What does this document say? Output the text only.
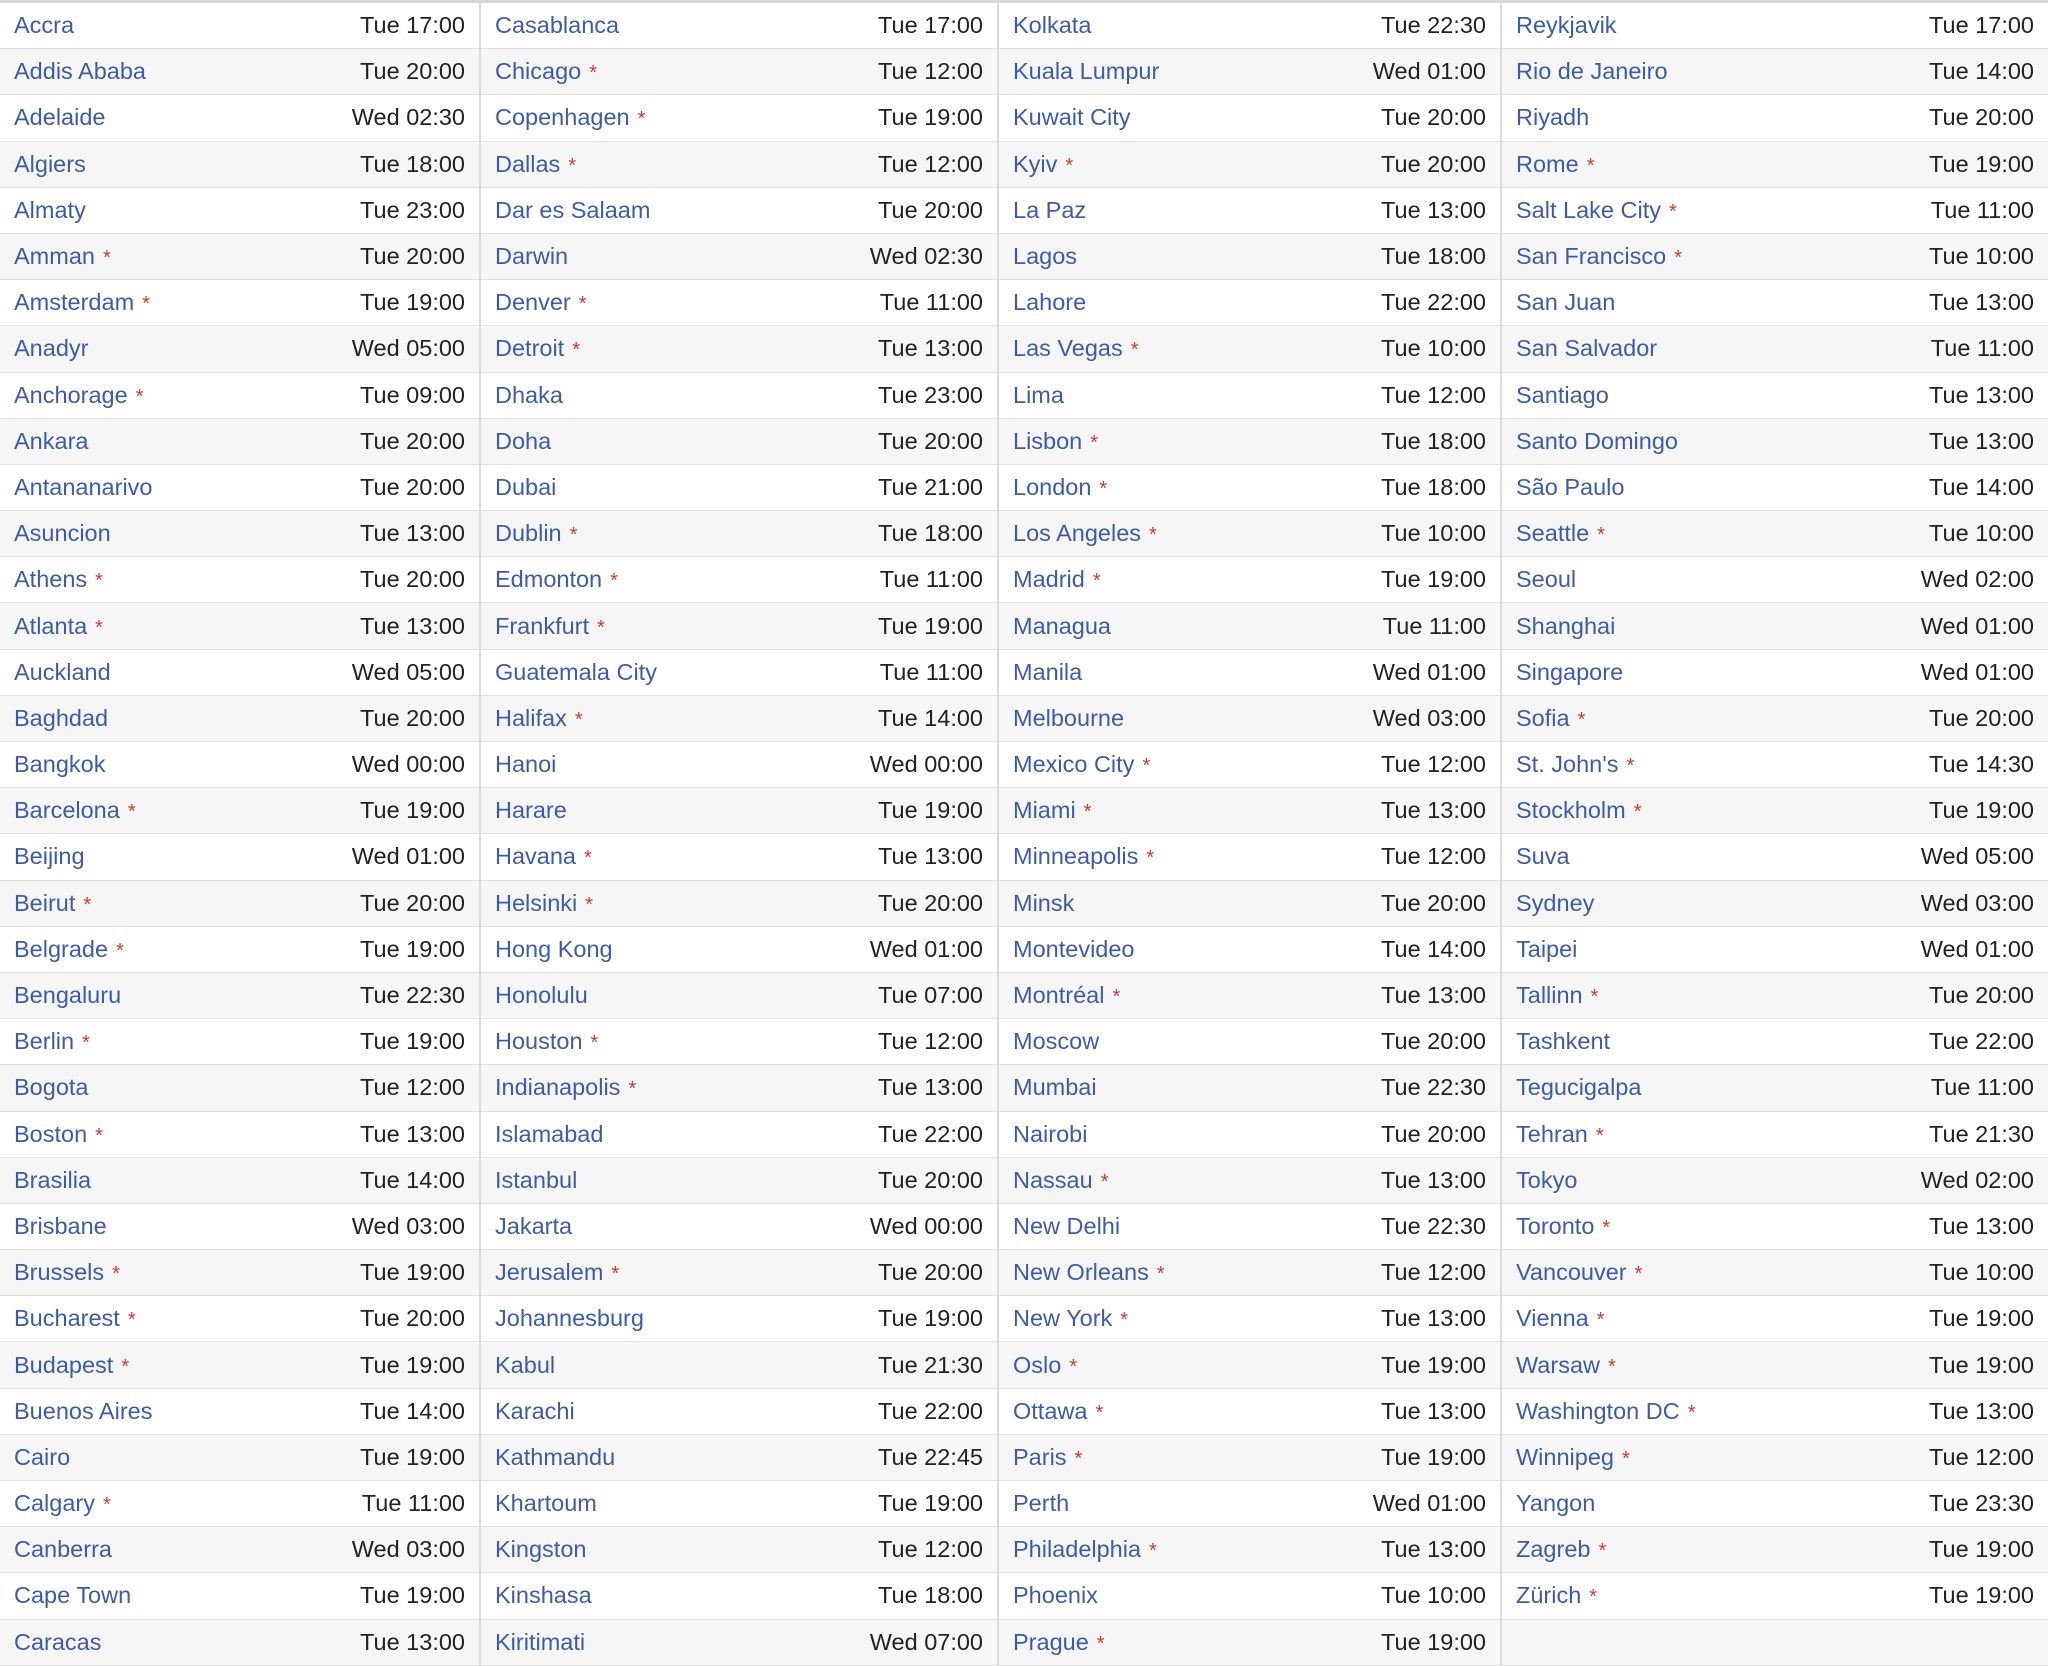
Accra	Tue 17:00
Addis Ababa	Tue 20:00
Adelaide	Wed 02:30
Algiers	Tue 18:00
Almaty	Tue 23:00
Amman *	Tue 20:00
Amsterdam *	Tue 19:00
Anadyr	Wed 05:00
Anchorage *	Tue 09:00
Ankara	Tue 20:00
Antananarivo	Tue 20:00
Asuncion	Tue 13:00
Athens *	Tue 20:00
Atlanta *	Tue 13:00
Auckland	Wed 05:00
Baghdad	Tue 20:00
Bangkok	Wed 00:00
Barcelona *	Tue 19:00
Beijing	Wed 01:00
Beirut *	Tue 20:00
Belgrade *	Tue 19:00
Bengaluru	Tue 22:30
Berlin *	Tue 19:00
Bogota	Tue 12:00
Boston *	Tue 13:00
Brasilia	Tue 14:00
Brisbane	Wed 03:00
Brussels *	Tue 19:00
Bucharest *	Tue 20:00
Budapest *	Tue 19:00
Buenos Aires	Tue 14:00
Cairo	Tue 19:00
Calgary *	Tue 11:00
Canberra	Wed 03:00
Cape Town	Tue 19:00
Caracas	Tue 13:00
Casablanca	Tue 17:00
Chicago *	Tue 12:00
Copenhagen *	Tue 19:00
Dallas *	Tue 12:00
Dar es Salaam	Tue 20:00
Darwin	Wed 02:30
Denver *	Tue 11:00
Detroit *	Tue 13:00
Dhaka	Tue 23:00
Doha	Tue 20:00
Dubai	Tue 21:00
Dublin *	Tue 18:00
Edmonton *	Tue 11:00
Frankfurt *	Tue 19:00
Guatemala City	Tue 11:00
Halifax *	Tue 14:00
Hanoi	Wed 00:00
Harare	Tue 19:00
Havana *	Tue 13:00
Helsinki *	Tue 20:00
Hong Kong	Wed 01:00
Honolulu	Tue 07:00
Houston *	Tue 12:00
Indianapolis *	Tue 13:00
Islamabad	Tue 22:00
Istanbul	Tue 20:00
Jakarta	Wed 00:00
Jerusalem *	Tue 20:00
Johannesburg	Tue 19:00
Kabul	Tue 21:30
Karachi	Tue 22:00
Kathmandu	Tue 22:45
Khartoum	Tue 19:00
Kingston	Tue 12:00
Kinshasa	Tue 18:00
Kiritimati	Wed 07:00
Kolkata	Tue 22:30
Kuala Lumpur	Wed 01:00
Kuwait City	Tue 20:00
Kyiv *	Tue 20:00
La Paz	Tue 13:00
Lagos	Tue 18:00
Lahore	Tue 22:00
Las Vegas *	Tue 10:00
Lima	Tue 12:00
Lisbon *	Tue 18:00
London *	Tue 18:00
Los Angeles *	Tue 10:00
Madrid *	Tue 19:00
Managua	Tue 11:00
Manila	Wed 01:00
Melbourne	Wed 03:00
Mexico City *	Tue 12:00
Miami *	Tue 13:00
Minneapolis *	Tue 12:00
Minsk	Tue 20:00
Montevideo	Tue 14:00
Montréal *	Tue 13:00
Moscow	Tue 20:00
Mumbai	Tue 22:30
Nairobi	Tue 20:00
Nassau *	Tue 13:00
New Delhi	Tue 22:30
New Orleans *	Tue 12:00
New York *	Tue 13:00
Oslo *	Tue 19:00
Ottawa *	Tue 13:00
Paris *	Tue 19:00
Perth	Wed 01:00
Philadelphia *	Tue 13:00
Phoenix	Tue 10:00
Prague *	Tue 19:00
Reykjavik	Tue 17:00
Rio de Janeiro	Tue 14:00
Riyadh	Tue 20:00
Rome *	Tue 19:00
Salt Lake City *	Tue 11:00
San Francisco *	Tue 10:00
San Juan	Tue 13:00
San Salvador	Tue 11:00
Santiago	Tue 13:00
Santo Domingo	Tue 13:00
São Paulo	Tue 14:00
Seattle *	Tue 10:00
Seoul	Wed 02:00
Shanghai	Wed 01:00
Singapore	Wed 01:00
Sofia *	Tue 20:00
St. John's *	Tue 14:30
Stockholm *	Tue 19:00
Suva	Wed 05:00
Sydney	Wed 03:00
Taipei	Wed 01:00
Tallinn *	Tue 20:00
Tashkent	Tue 22:00
Tegucigalpa	Tue 11:00
Tehran *	Tue 21:30
Tokyo	Wed 02:00
Toronto *	Tue 13:00
Vancouver *	Tue 10:00
Vienna *	Tue 19:00
Warsaw *	Tue 19:00
Washington DC *	Tue 13:00
Winnipeg *	Tue 12:00
Yangon	Tue 23:30
Zagreb *	Tue 19:00
Zürich *	Tue 19:00
